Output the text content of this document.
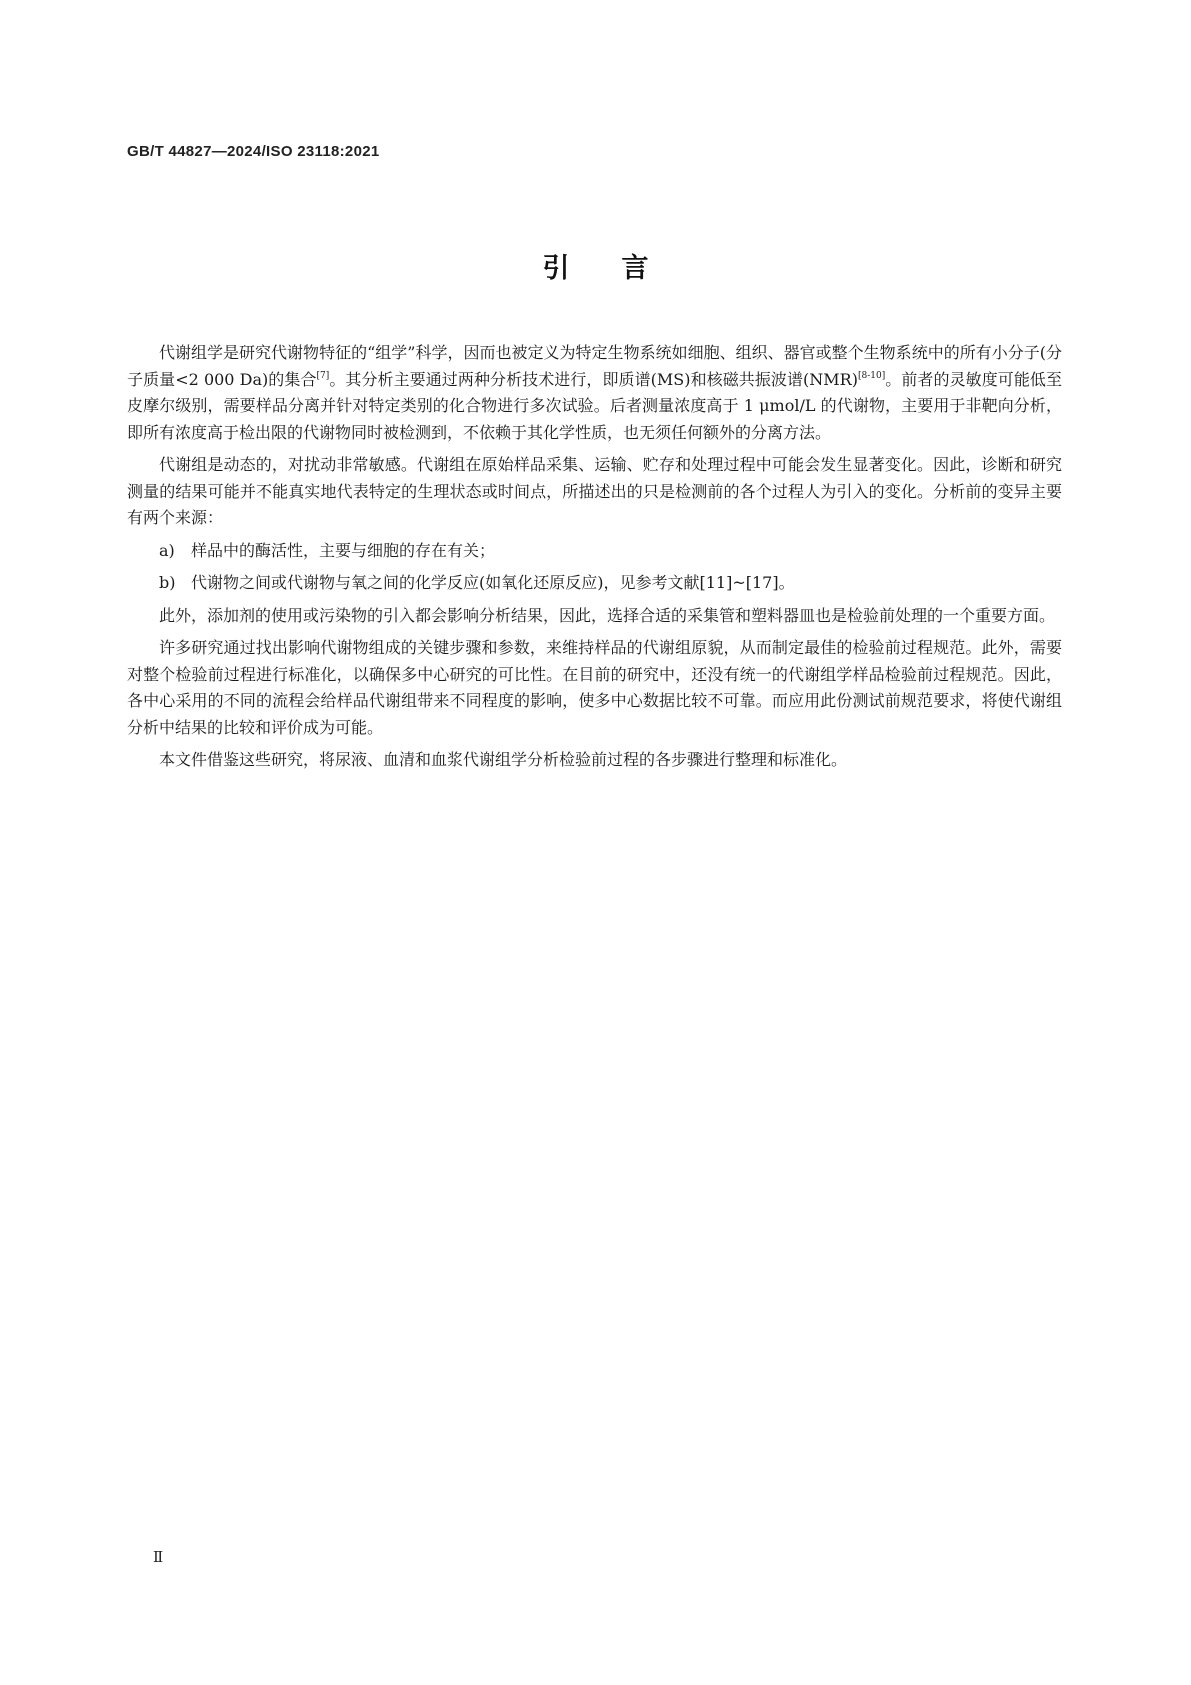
GB/T 44827—2024/ISO 23118:2021
引言

代谢组学是研究代谢物特征的“组学”科学，因而也被定义为特定生物系统如细胞、组织、器官或整个生物系统中的所有小分子(分子质量<2 000 Da)的集合[7]。其分析主要通过两种分析技术进行，即质谱(MS)和核磁共振波谱(NMR)[8-10]。前者的灵敏度可能低至皮摩尔级别，需要样品分离并针对特定类别的化合物进行多次试验。后者测量浓度高于 1 μmol/L 的代谢物，主要用于非靶向分析，即所有浓度高于检出限的代谢物同时被检测到，不依赖于其化学性质，也无须任何额外的分离方法。

代谢组是动态的，对扰动非常敏感。代谢组在原始样品采集、运输、贮存和处理过程中可能会发生显著变化。因此，诊断和研究测量的结果可能并不能真实地代表特定的生理状态或时间点，所描述出的只是检测前的各个过程人为引入的变化。分析前的变异主要有两个来源：

a) 样品中的酶活性，主要与细胞的存在有关；
b) 代谢物之间或代谢物与氧之间的化学反应(如氧化还原反应)，见参考文献[11]~[17]。

此外，添加剂的使用或污染物的引入都会影响分析结果，因此，选择合适的采集管和塑料器皿也是检验前处理的一个重要方面。

许多研究通过找出影响代谢物组成的关键步骤和参数，来维持样品的代谢组原貌，从而制定最佳的检验前过程规范。此外，需要对整个检验前过程进行标准化，以确保多中心研究的可比性。在目前的研究中，还没有统一的代谢组学样品检验前过程规范。因此，各中心采用的不同的流程会给样品代谢组带来不同程度的影响，使多中心数据比较不可靠。而应用此份测试前规范要求，将使代谢组分析中结果的比较和评价成为可能。

本文件借鉴这些研究，将尿液、血清和血浆代谢组学分析检验前过程的各步骤进行整理和标准化。

Ⅱ
